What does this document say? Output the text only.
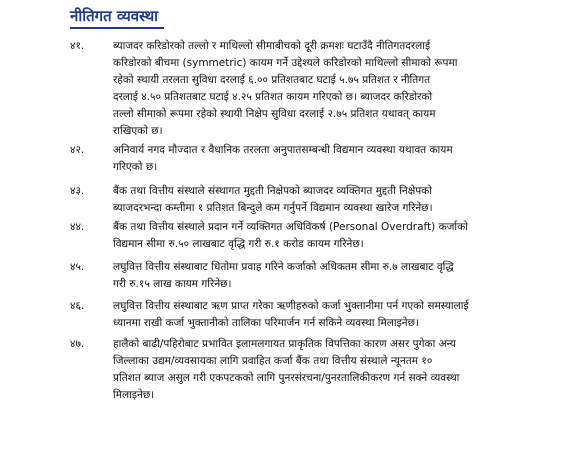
नीतिगत व्यवस्था
४१.	ब्याजदर करिडोरको तल्लो र माथिल्लो सीमाबीचको दूरी क्रमशः घटाउँदै नीतिगतदरलाई
करिडोरको बीचमा (symmetric) कायम गर्ने उद्देश्यले करिडोरको माथिल्लो सीमाको रूपमा
रहेको स्थायी तरलता सुविधा दरलाई ६.०० प्रतिशतबाट घटाई ५.७५ प्रतिशत र नीतिगत
दरलाई ४.५० प्रतिशतबाट घटाई ४.२५ प्रतिशत कायम गरिएको छ। ब्याजदर करिडोरको
तल्लो सीमाको रूपमा रहेको स्थायी निक्षेप सुविधा दरलाई २.७५ प्रतिशत यथावत् कायम
राखिएको छ।
४२.	अनिवार्य नगद मौज्दात र वैधानिक तरलता अनुपातसम्बन्धी विद्यमान व्यवस्था यथावत कायम
गरिएको छ।
४३.	बैंक तथा वित्तीय संस्थाले संस्थागत मुद्दती निक्षेपको ब्याजदर व्यक्तिगत मुद्दती निक्षेपको
ब्याजदरभन्दा कम्तीमा १ प्रतिशत बिन्दुले कम गर्नुपर्ने विद्यमान व्यवस्था खारेज गरिनेछ।
४४.	बैंक तथा वित्तीय संस्थाले प्रदान गर्ने व्यक्तिगत अधिविकर्ष (Personal Overdraft) कर्जाको
विद्यमान सीमा रु.५० लाखबाट वृद्धि गरी रु.१ करोड कायम गरिनेछ।
४५.	लघुवित्त वित्तीय संस्थाबाट धितोमा प्रवाह गरिने कर्जाको अधिकतम सीमा रु.७ लाखबाट वृद्धि
गरी रु.१५ लाख कायम गरिनेछ।
४६.	लघुवित्त वित्तीय संस्थाबाट ऋण प्राप्त गरेका ऋणीहरुको कर्जा भुक्तानीमा पर्न गएको समस्यालाई
ध्यानमा राखी कर्जा भुक्तानीको तालिका परिमार्जन गर्न सकिने व्यवस्था मिलाइनेछ।
४७.	हालैको बाढी/पहिरोबाट प्रभावित इलामलगायत प्राकृतिक विपत्तिका कारण असर पुगेका अन्य
जिल्लाका उद्यम/व्यवसायका लागि प्रवाहित कर्जा बैंक तथा वित्तीय संस्थाले न्यूनतम १०
प्रतिशत ब्याज असुल गरी एकपटकको लागि पुनरसंरचना/पुनरतालिकीकरण गर्न सक्ने व्यवस्था
मिलाइनेछ।
